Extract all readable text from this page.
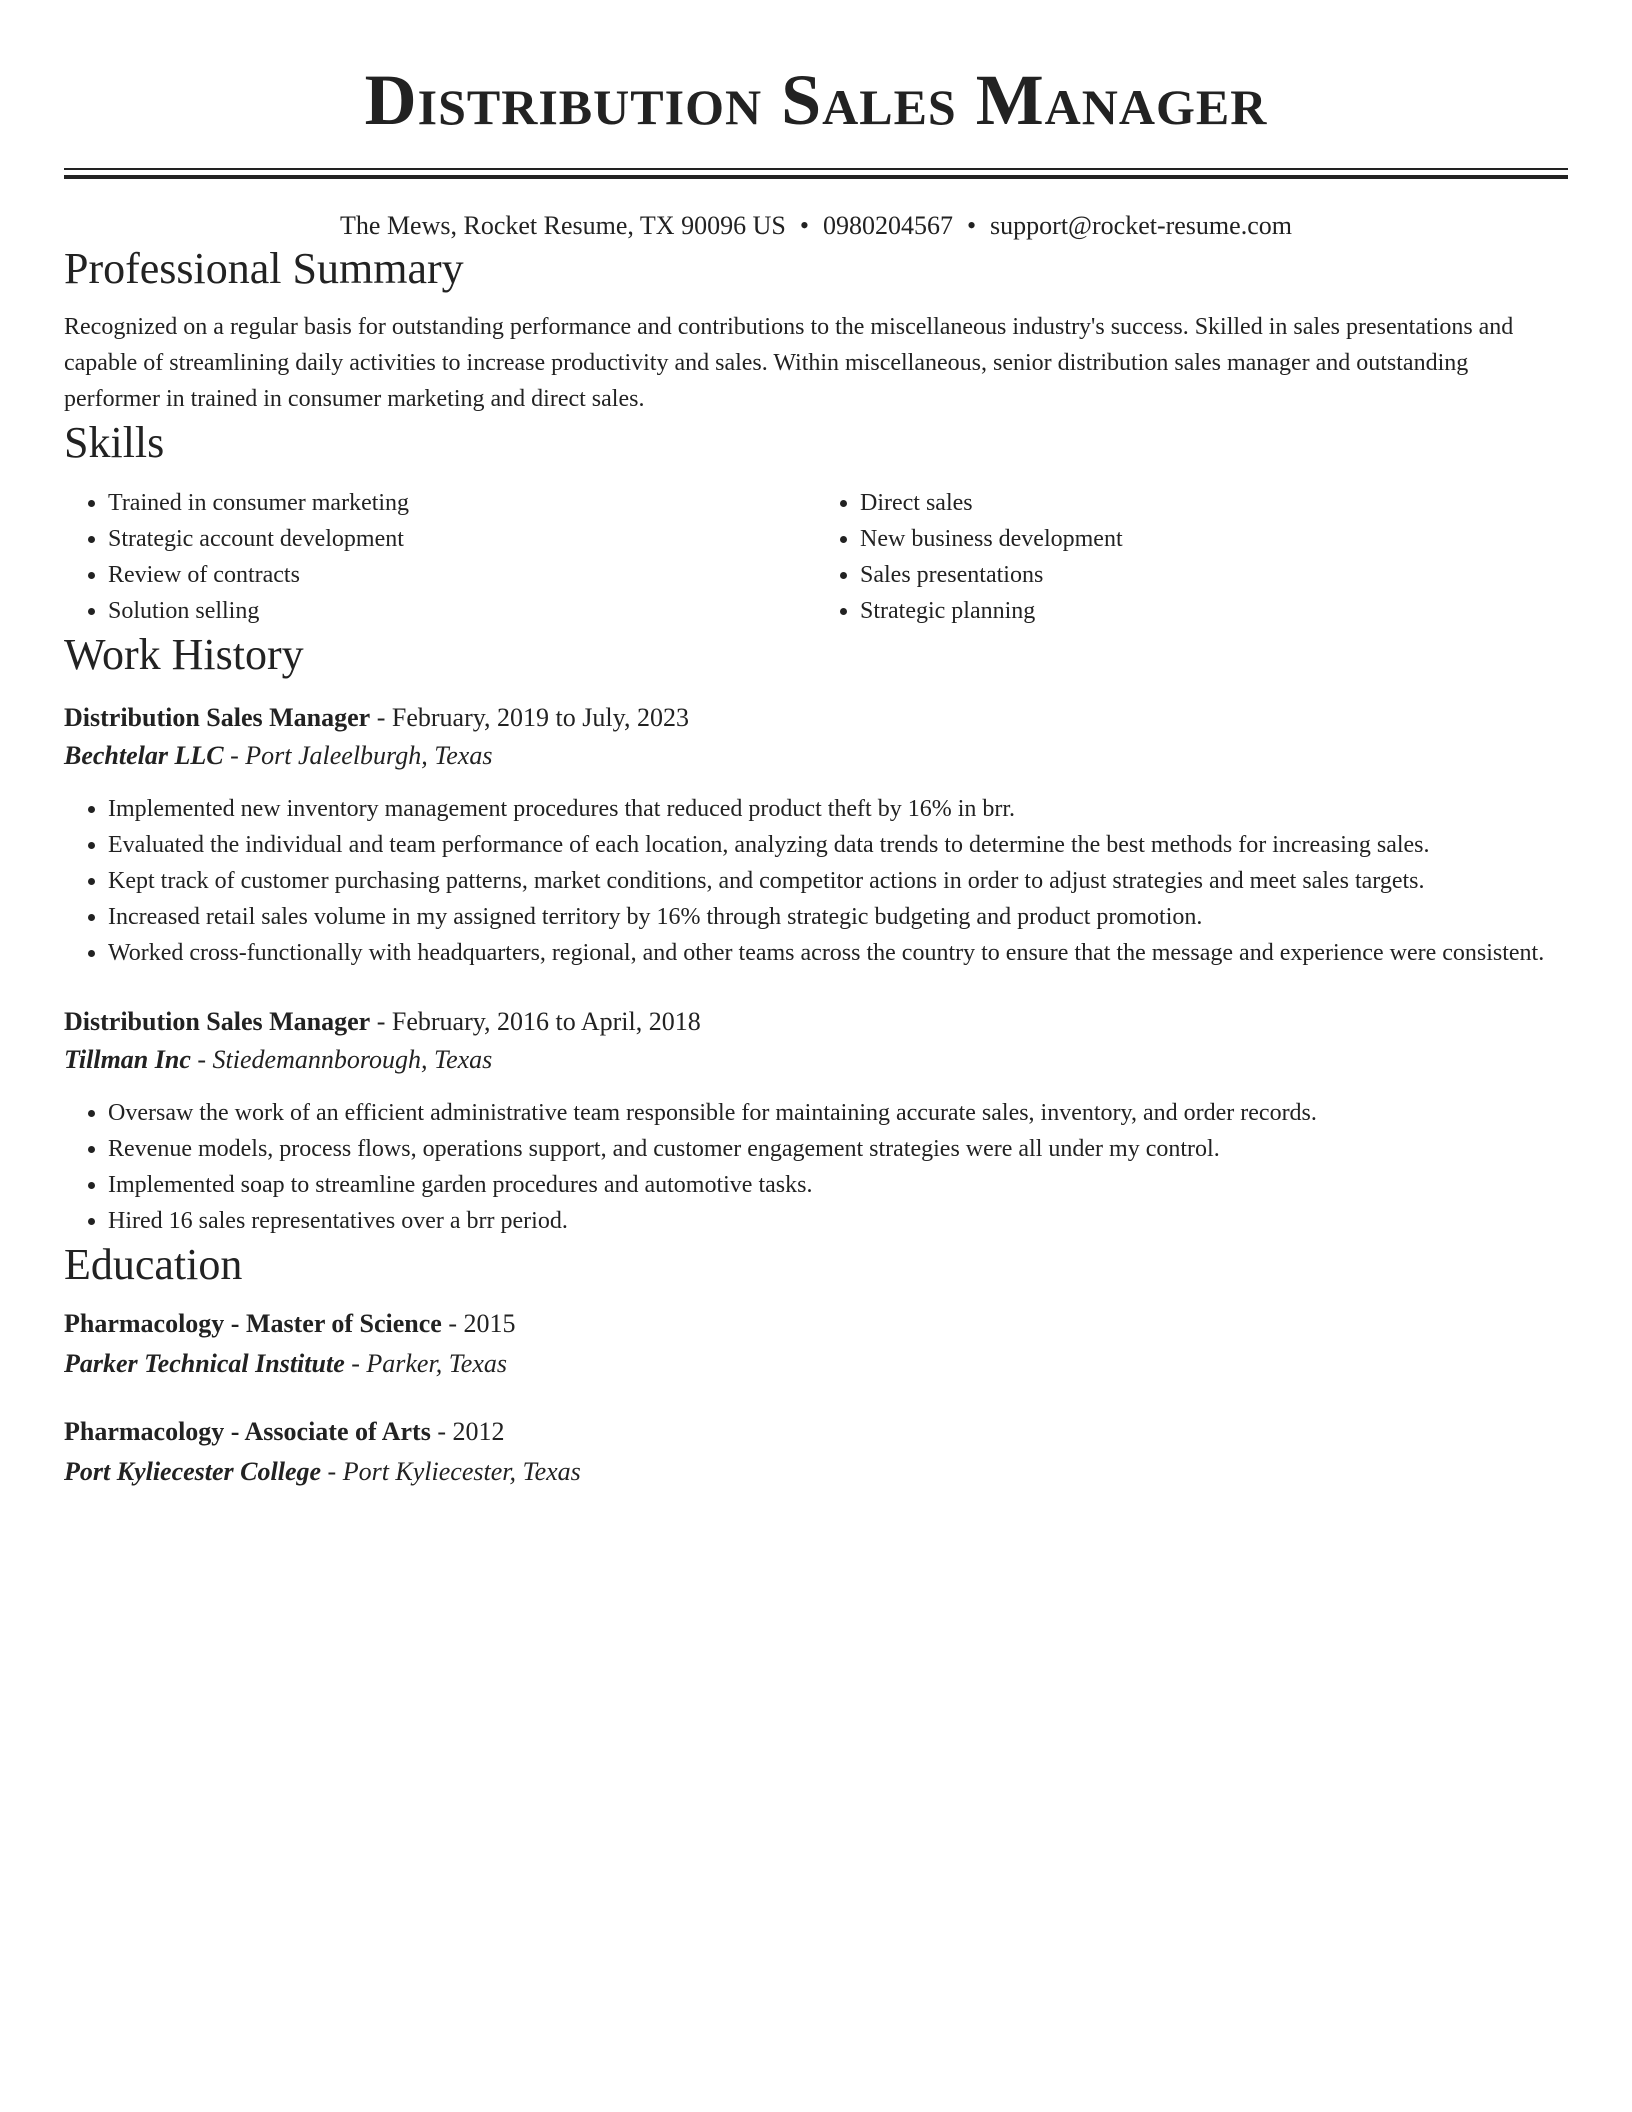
Distribution Sales Manager
The Mews, Rocket Resume, TX 90096 US • 0980204567 • support@rocket-resume.com
Professional Summary

Recognized on a regular basis for outstanding performance and contributions to the miscellaneous industry's success. Skilled in sales presentations and capable of streamlining daily activities to increase productivity and sales. Within miscellaneous, senior distribution sales manager and outstanding performer in trained in consumer marketing and direct sales.

Skills
• Trained in consumer marketing
• Strategic account development
• Review of contracts
• Solution selling
• Direct sales
• New business development
• Sales presentations
• Strategic planning
Work History
Distribution Sales Manager - February, 2019 to July, 2023
Bechtelar LLC - Port Jaleelburgh, Texas
• Implemented new inventory management procedures that reduced product theft by 16% in brr.
• Evaluated the individual and team performance of each location, analyzing data trends to determine the best methods for increasing sales.
• Kept track of customer purchasing patterns, market conditions, and competitor actions in order to adjust strategies and meet sales targets.
• Increased retail sales volume in my assigned territory by 16% through strategic budgeting and product promotion.
• Worked cross-functionally with headquarters, regional, and other teams across the country to ensure that the message and experience were consistent.
Distribution Sales Manager - February, 2016 to April, 2018
Tillman Inc - Stiedemannborough, Texas
• Oversaw the work of an efficient administrative team responsible for maintaining accurate sales, inventory, and order records.
• Revenue models, process flows, operations support, and customer engagement strategies were all under my control.
• Implemented soap to streamline garden procedures and automotive tasks.
• Hired 16 sales representatives over a brr period.
Education
Pharmacology - Master of Science - 2015
Parker Technical Institute - Parker, Texas
Pharmacology - Associate of Arts - 2012
Port Kyliecester College - Port Kyliecester, Texas
